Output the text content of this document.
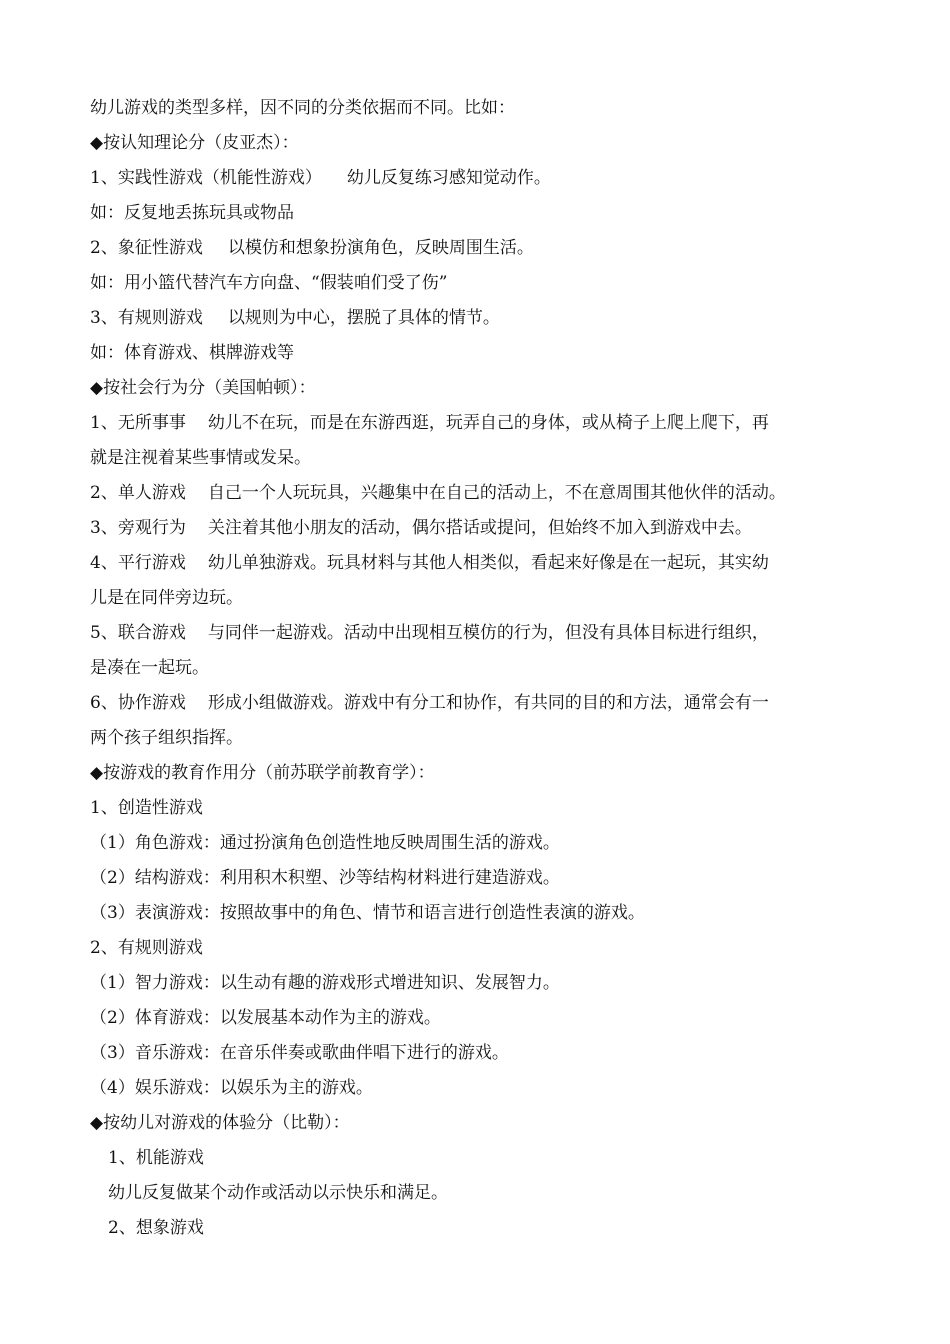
幼儿游戏的类型多样，因不同的分类依据而不同。比如：
◆按认知理论分（皮亚杰）：
1、实践性游戏（机能性游戏） 幼儿反复练习感知觉动作。
如：反复地丢拣玩具或物品
2、象征性游戏 以模仿和想象扮演角色，反映周围生活。
如：用小篮代替汽车方向盘、“假装咱们受了伤”
3、有规则游戏 以规则为中心，摆脱了具体的情节。
如：体育游戏、棋牌游戏等
◆按社会行为分（美国帕顿）：
1、无所事事 幼儿不在玩，而是在东游西逛，玩弄自己的身体，或从椅子上爬上爬下，再
就是注视着某些事情或发呆。
2、单人游戏 自己一个人玩玩具，兴趣集中在自己的活动上，不在意周围其他伙伴的活动。
3、旁观行为 关注着其他小朋友的活动，偶尔搭话或提问，但始终不加入到游戏中去。
4、平行游戏 幼儿单独游戏。玩具材料与其他人相类似，看起来好像是在一起玩，其实幼
儿是在同伴旁边玩。
5、联合游戏 与同伴一起游戏。活动中出现相互模仿的行为，但没有具体目标进行组织，
是凑在一起玩。
6、协作游戏 形成小组做游戏。游戏中有分工和协作，有共同的目的和方法，通常会有一
两个孩子组织指挥。
◆按游戏的教育作用分（前苏联学前教育学）：
1、创造性游戏
（1）角色游戏：通过扮演角色创造性地反映周围生活的游戏。
（2）结构游戏：利用积木积塑、沙等结构材料进行建造游戏。
（3）表演游戏：按照故事中的角色、情节和语言进行创造性表演的游戏。
2、有规则游戏
（1）智力游戏：以生动有趣的游戏形式增进知识、发展智力。
（2）体育游戏：以发展基本动作为主的游戏。
（3）音乐游戏：在音乐伴奏或歌曲伴唱下进行的游戏。
（4）娱乐游戏：以娱乐为主的游戏。
◆按幼儿对游戏的体验分（比勒）：
1、机能游戏
幼儿反复做某个动作或活动以示快乐和满足。
2、想象游戏
